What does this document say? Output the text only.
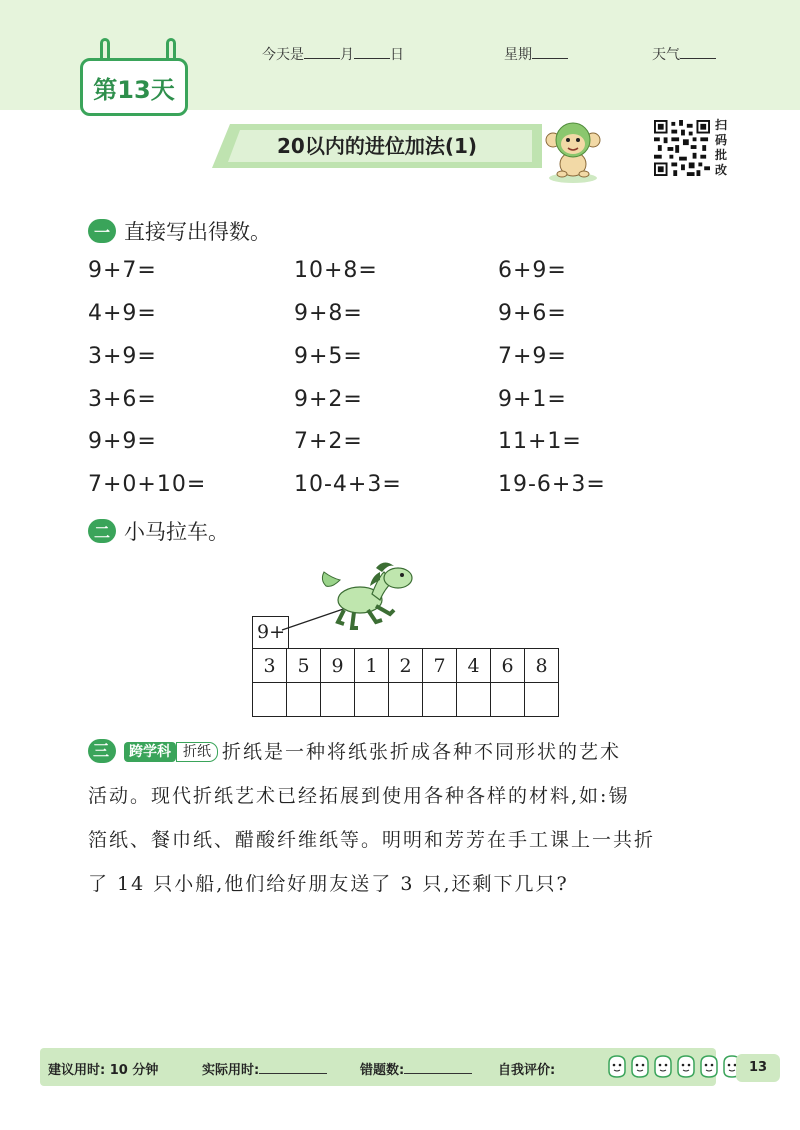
第13天
今天是	月	日	星期	天气
20以内的进位加法(1)
扫码批改
一 直接写出得数。
9+7=	10+8=	6+9=
4+9=	9+8=	9+6=
3+9=	9+5=	7+9=
3+6=	9+2=	9+1=
9+9=	7+2=	11+1=
7+0+10=	10-4+3=	19-6+3=
二 小马拉车。
9+
3	5	9	1	2	7	4	6	8

三 跨学科 折纸 折纸是一种将纸张折成各种不同形状的艺术
活动。现代折纸艺术已经拓展到使用各种各样的材料,如:锡
箔纸、餐巾纸、醋酸纤维纸等。明明和芳芳在手工课上一共折
了 14 只小船,他们给好朋友送了 3 只,还剩下几只?
建议用时: 10 分钟	实际用时:	错题数:	自我评价:	13
